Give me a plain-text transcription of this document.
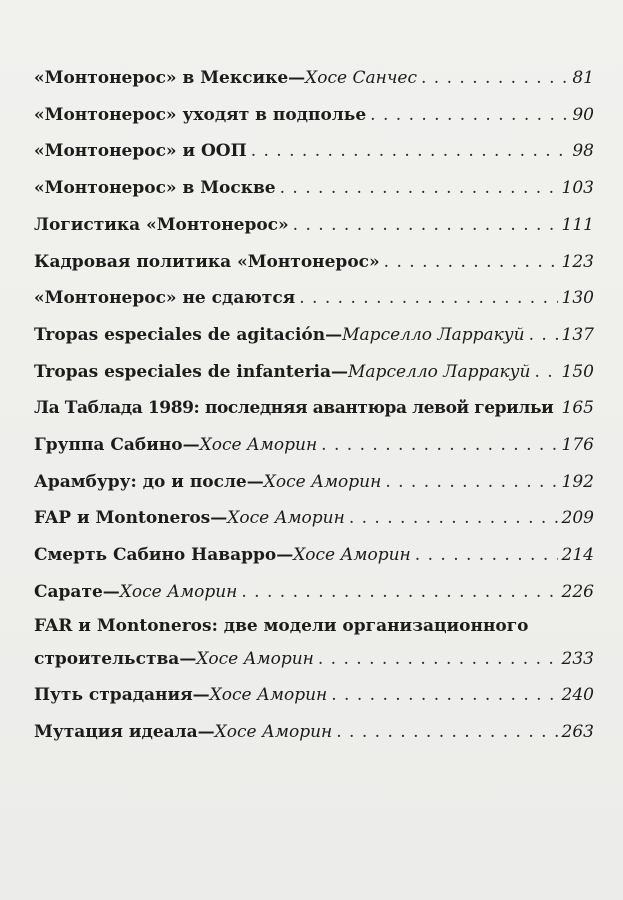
«Монтонерос» в Мексике — Хосе Санчес . . .	81
«Монтонерос» уходят в подполье . . .	90
«Монтонерос» и ООП . . .	98
«Монтонерос» в Москве . . .	103
Логистика «Монтонерос» . . .	111
Кадровая политика «Монтонерос» . . .	123
«Монтонерос» не сдаются . . .	130
Tropas especiales de agitación — Марселло Ларракуй . . . 137
Tropas especiales de infanteria — Марселло Ларракуй . . . 150
Ла Таблада 1989: последняя авантюра левой герильи . . . 165
Группа Сабино — Хосе Аморин . . .	176
Арамбуру: до и после — Хосе Аморин . . .	192
FAP и Montoneros — Хосе Аморин . . .	209
Смерть Сабино Наварро — Хосе Аморин . . .	214
Сарате — Хосе Аморин . . .	226
FAR и Montoneros: две модели организационного
строительства — Хосе Аморин . . .	233
Путь страдания — Хосе Аморин . . .	240
Мутация идеала — Хосе Аморин . . .	263
